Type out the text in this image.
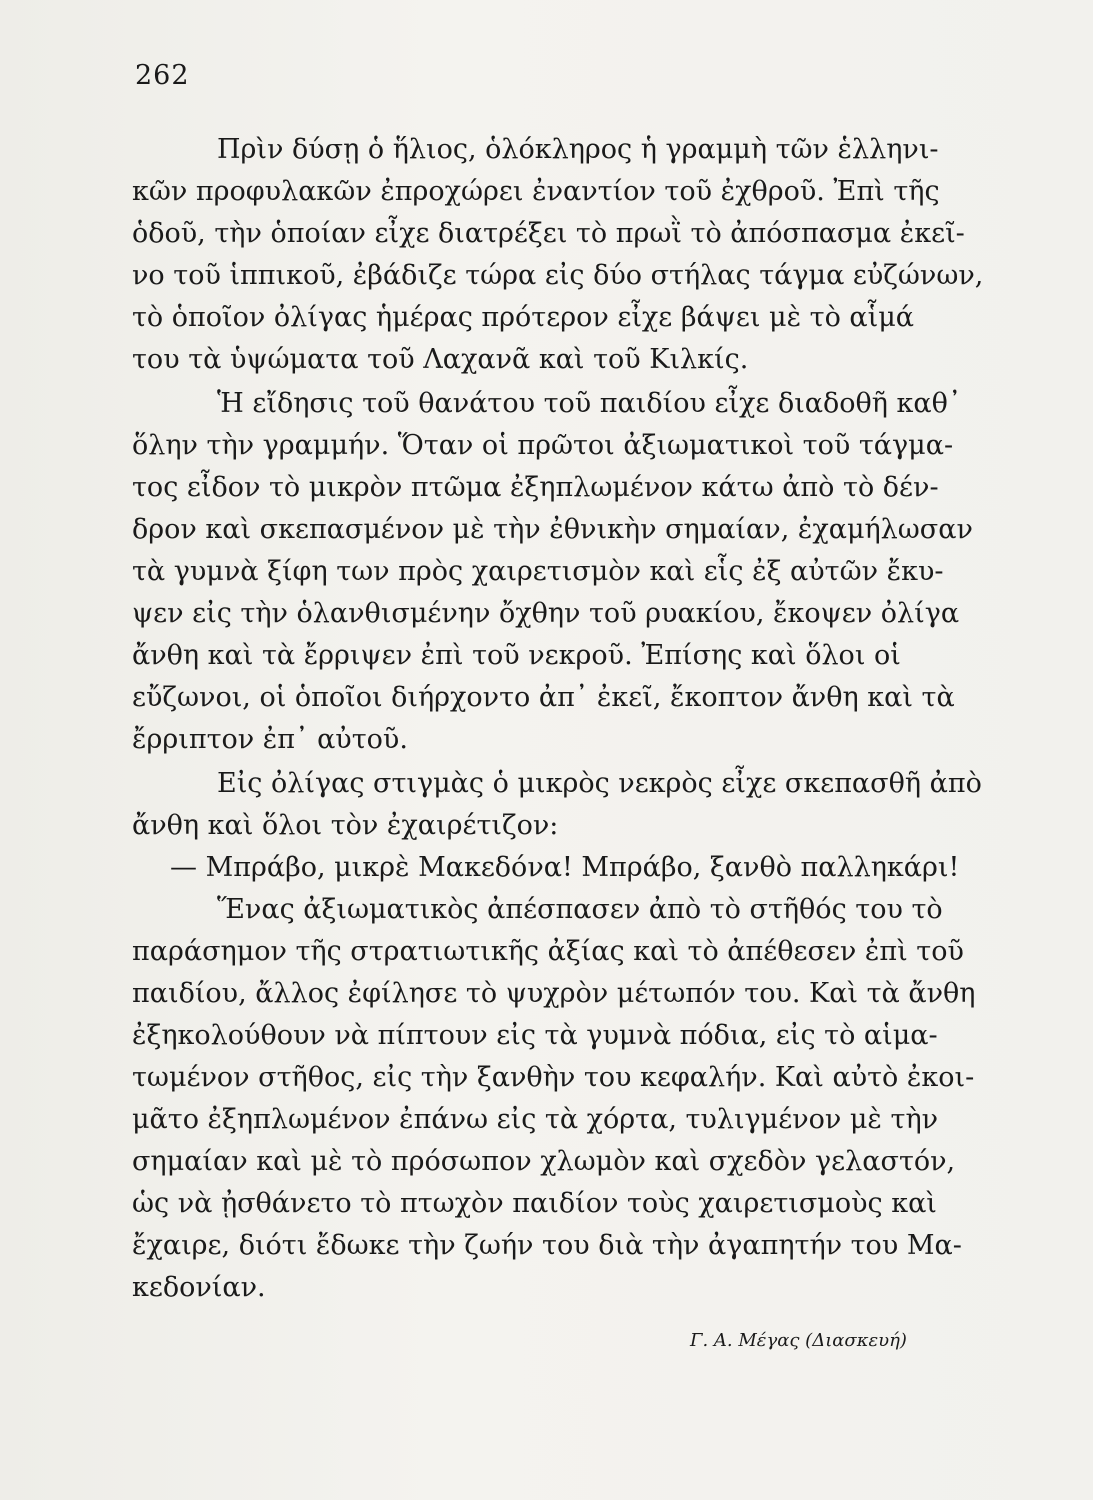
262
Πρὶν δύσῃ ὁ ἥλιος, ὁλόκληρος ἡ γραμμὴ τῶν ἑλληνι-
κῶν προφυλακῶν ἐπροχώρει ἐναντίον τοῦ ἐχθροῦ. Ἐπὶ τῆς
ὁδοῦ, τὴν ὁποίαν εἶχε διατρέξει τὸ πρωῒ τὸ ἀπόσπασμα ἐκεῖ-
νο τοῦ ἱππικοῦ, ἐβάδιζε τώρα εἰς δύο στήλας τάγμα εὐζώνων,
τὸ ὁποῖον ὀλίγας ἡμέρας πρότερον εἶχε βάψει μὲ τὸ αἷμά
του τὰ ὑψώματα τοῦ Λαχανᾶ καὶ τοῦ Κιλκίς.
Ἡ εἴδησις τοῦ θανάτου τοῦ παιδίου εἶχε διαδοθῆ καθ᾽
ὅλην τὴν γραμμήν. Ὅταν οἱ πρῶτοι ἀξιωματικοὶ τοῦ τάγμα-
τος εἶδον τὸ μικρὸν πτῶμα ἐξηπλωμένον κάτω ἀπὸ τὸ δέν-
δρον καὶ σκεπασμένον μὲ τὴν ἐθνικὴν σημαίαν, ἐχαμήλωσαν
τὰ γυμνὰ ξίφη των πρὸς χαιρετισμὸν καὶ εἷς ἐξ αὐτῶν ἔκυ-
ψεν εἰς τὴν ὁλανθισμένην ὄχθην τοῦ ρυακίου, ἔκοψεν ὀλίγα
ἄνθη καὶ τὰ ἔρριψεν ἐπὶ τοῦ νεκροῦ. Ἐπίσης καὶ ὅλοι οἱ
εὔζωνοι, οἱ ὁποῖοι διήρχοντο ἀπ᾽ ἐκεῖ, ἔκοπτον ἄνθη καὶ τὰ
ἔρριπτον ἐπ᾽ αὐτοῦ.
Εἰς ὀλίγας στιγμὰς ὁ μικρὸς νεκρὸς εἶχε σκεπασθῆ ἀπὸ
ἄνθη καὶ ὅλοι τὸν ἐχαιρέτιζον:
— Μπράβο, μικρὲ Μακεδόνα! Μπράβο, ξανθὸ παλληκάρι!
Ἕνας ἀξιωματικὸς ἀπέσπασεν ἀπὸ τὸ στῆθός του τὸ
παράσημον τῆς στρατιωτικῆς ἀξίας καὶ τὸ ἀπέθεσεν ἐπὶ τοῦ
παιδίου, ἄλλος ἐφίλησε τὸ ψυχρὸν μέτωπόν του. Καὶ τὰ ἄνθη
ἐξηκολούθουν νὰ πίπτουν εἰς τὰ γυμνὰ πόδια, εἰς τὸ αἱμα-
τωμένον στῆθος, εἰς τὴν ξανθὴν του κεφαλήν. Καὶ αὐτὸ ἐκοι-
μᾶτο ἐξηπλωμένον ἐπάνω εἰς τὰ χόρτα, τυλιγμένον μὲ τὴν
σημαίαν καὶ μὲ τὸ πρόσωπον χλωμὸν καὶ σχεδὸν γελαστόν,
ὡς νὰ ᾐσθάνετο τὸ πτωχὸν παιδίον τοὺς χαιρετισμοὺς καὶ
ἔχαιρε, διότι ἔδωκε τὴν ζωήν του διὰ τὴν ἀγαπητήν του Μα-
κεδονίαν.
Γ. Α. Μέγας (Διασκευή)
